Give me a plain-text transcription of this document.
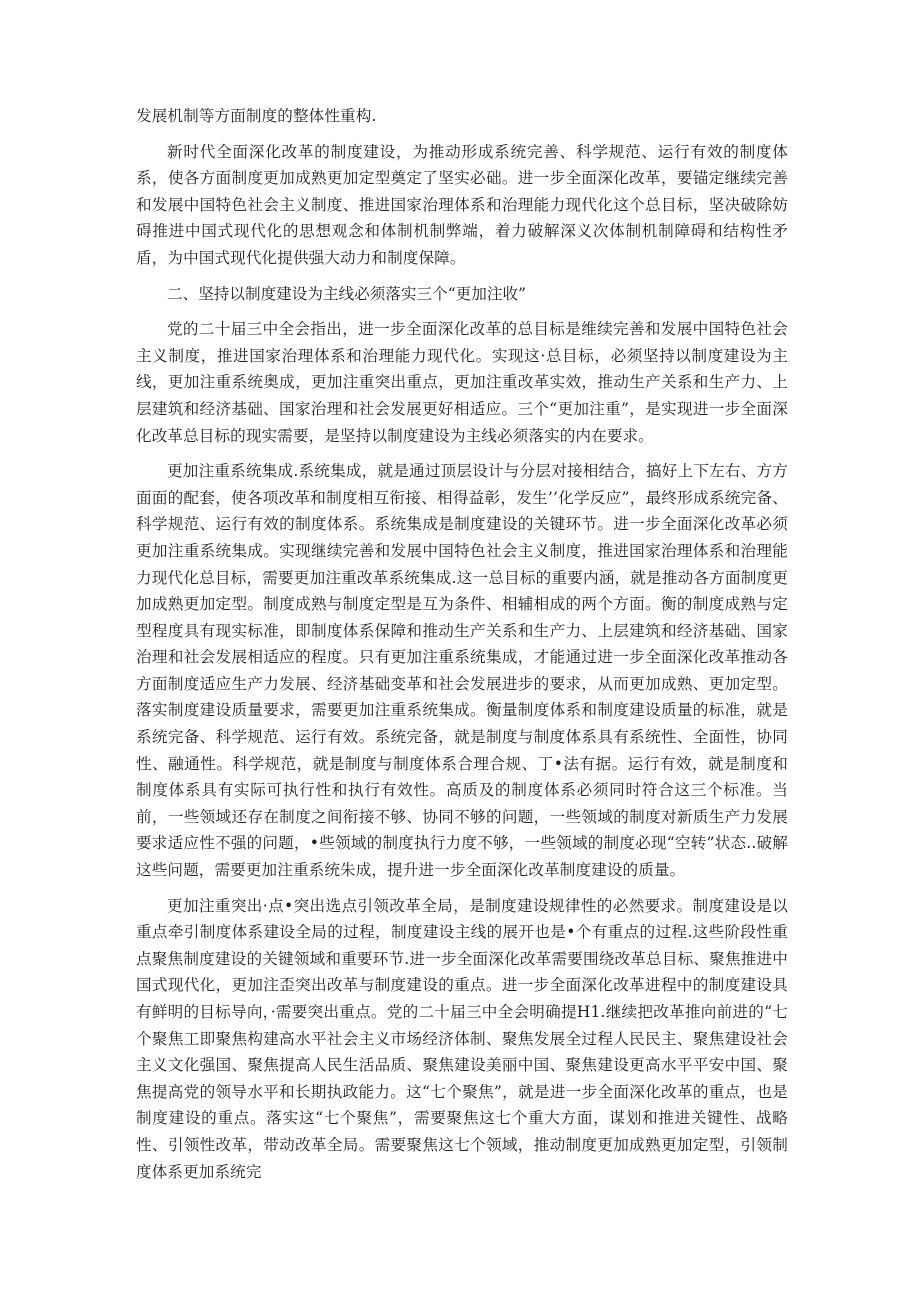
发展机制等方面制度的整体性重构.

新时代全面深化改革的制度建设，为推动形成系统完善、科学规范、运行有效的制度体系，使各方面制度更加成熟更加定型奠定了坚实必础。进一步全面深化改革，要锚定继续完善和发展中国特色社会主义制度、推进国家治理体系和治理能力现代化这个总目标，坚决破除妨碍推进中国式现代化的思想观念和体制机制弊端，着力破解深义次体制机制障碍和结构性矛盾，为中国式现代化提供强大动力和制度保障。

二、坚持以制度建设为主线必须落实三个“更加注收”

党的二十届三中全会指出，进一步全面深化改革的总目标是维续完善和发展中国特色社会主义制度，推进国家治理体系和治理能力现代化。实现这·总目标，必须坚持以制度建设为主线，更加注重系统奥成，更加注重突出重点，更加注重改革实效，推动生产关系和生产力、上层建筑和经济基础、国家治理和社会发展更好相适应。三个“更加注重”，是实现进一步全面深化改革总目标的现实需要，是坚持以制度建设为主线必须落实的内在要求。

更加注重系统集成.系统集成，就是通过顶层设计与分层对接相结合，搞好上下左右、方方面面的配套，使各项改革和制度相互衔接、相得益彰，发生’’化学反应”，最终形成系统完备、科学规范、运行有效的制度体系。系统集成是制度建设的关键环节。进一步全面深化改革必须更加注重系统集成。实现继续完善和发展中国特色社会主义制度，推进国家治理体系和治理能力现代化总目标，需要更加注重改革系统集成.这一总目标的重要内涵，就是推动各方面制度更加成熟更加定型。制度成熟与制度定型是互为条件、相辅相成的两个方面。衡的制度成熟与定型程度具有现实标准，即制度体系保障和推动生产关系和生产力、上层建筑和经济基础、国家治理和社会发展相适应的程度。只有更加注重系统集成，才能通过进一步全面深化改革推动各方面制度适应生产力发展、经济基础变革和社会发展进步的要求，从而更加成熟、更加定型。落实制度建设质量要求，需要更加注重系统集成。衡量制度体系和制度建设质量的标准，就是系统完备、科学规范、运行有效。系统完备，就是制度与制度体系具有系统性、全面性，协同性、融通性。科学规范，就是制度与制度体系合理合规、丁•法有据。运行有效，就是制度和制度体系具有实际可执行性和执行有效性。高质及的制度体系必须同时符合这三个标准。当前，一些领域还存在制度之间衔接不够、协同不够的问题，一些领域的制度对新质生产力发展要求适应性不强的问题，•些领域的制度执行力度不够，一些领域的制度必现“空转”状态..破解这些问题，需要更加注重系统朱成，提升进一步全面深化改革制度建设的质量。

更加注重突出·点•突出选点引领改革全局，是制度建设规律性的必然要求。制度建设是以重点牵引制度体系建设全局的过程，制度建设主线的展开也是•个有重点的过程.这些阶段性重点聚焦制度建设的关键领域和重要环节.进一步全面深化改革需要围绕改革总目标、聚焦推进中国式现代化，更加注歪突出改革与制度建设的重点。进一步全面深化改革进程中的制度建设具有鲜明的目标导向，·需要突出重点。党的二十届三中全会明确提H1.继续把改革推向前进的“七个聚焦工即聚焦构建高水平社会主义市场经济体制、聚焦发展全过程人民民主、聚焦建设社会主义文化强国、聚焦提高人民生活品质、聚焦建设美丽中国、聚焦建设更高水平平安中国、聚焦提高党的领导水平和长期执政能力。这“七个聚焦”，就是进一步全面深化改革的重点，也是制度建设的重点。落实这“七个聚焦”，需要聚焦这七个重大方面，谋划和推进关键性、战略性、引领性改革，带动改革全局。需要聚焦这七个领域，推动制度更加成熟更加定型，引领制度体系更加系统完
